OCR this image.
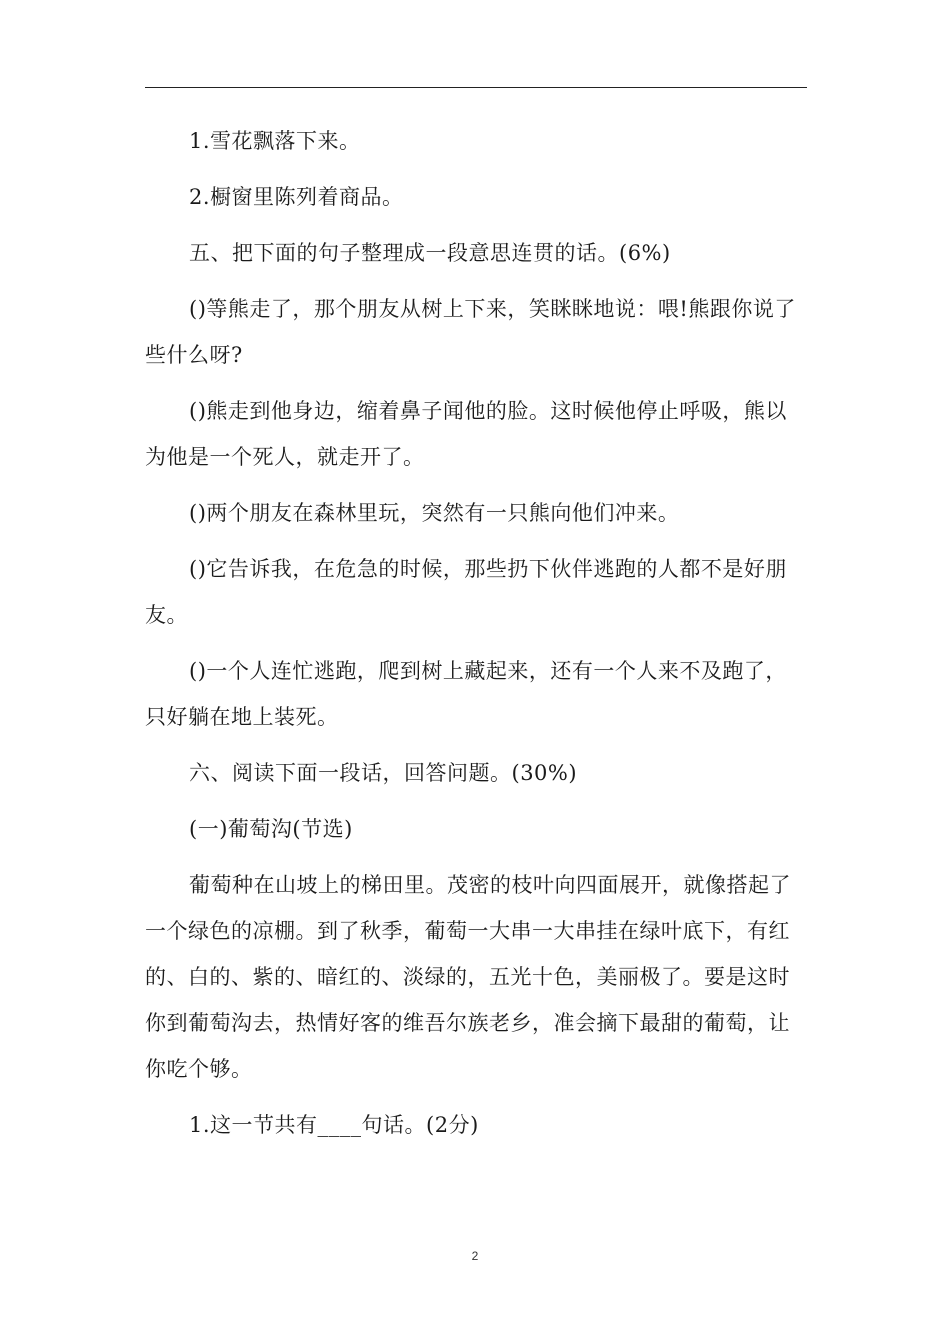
1.雪花飘落下来。

2.橱窗里陈列着商品。

五、把下面的句子整理成一段意思连贯的话。(6%)

()等熊走了，那个朋友从树上下来，笑眯眯地说：喂!熊跟你说了些什么呀?

()熊走到他身边，缩着鼻子闻他的脸。这时候他停止呼吸，熊以为他是一个死人，就走开了。

()两个朋友在森林里玩，突然有一只熊向他们冲来。

()它告诉我，在危急的时候，那些扔下伙伴逃跑的人都不是好朋友。

()一个人连忙逃跑，爬到树上藏起来，还有一个人来不及跑了，只好躺在地上装死。

六、阅读下面一段话，回答问题。(30%)

(一)葡萄沟(节选)

葡萄种在山坡上的梯田里。茂密的枝叶向四面展开，就像搭起了一个绿色的凉棚。到了秋季，葡萄一大串一大串挂在绿叶底下，有红的、白的、紫的、暗红的、淡绿的，五光十色，美丽极了。要是这时你到葡萄沟去，热情好客的维吾尔族老乡，准会摘下最甜的葡萄，让你吃个够。

1.这一节共有____句话。(2分)

2
